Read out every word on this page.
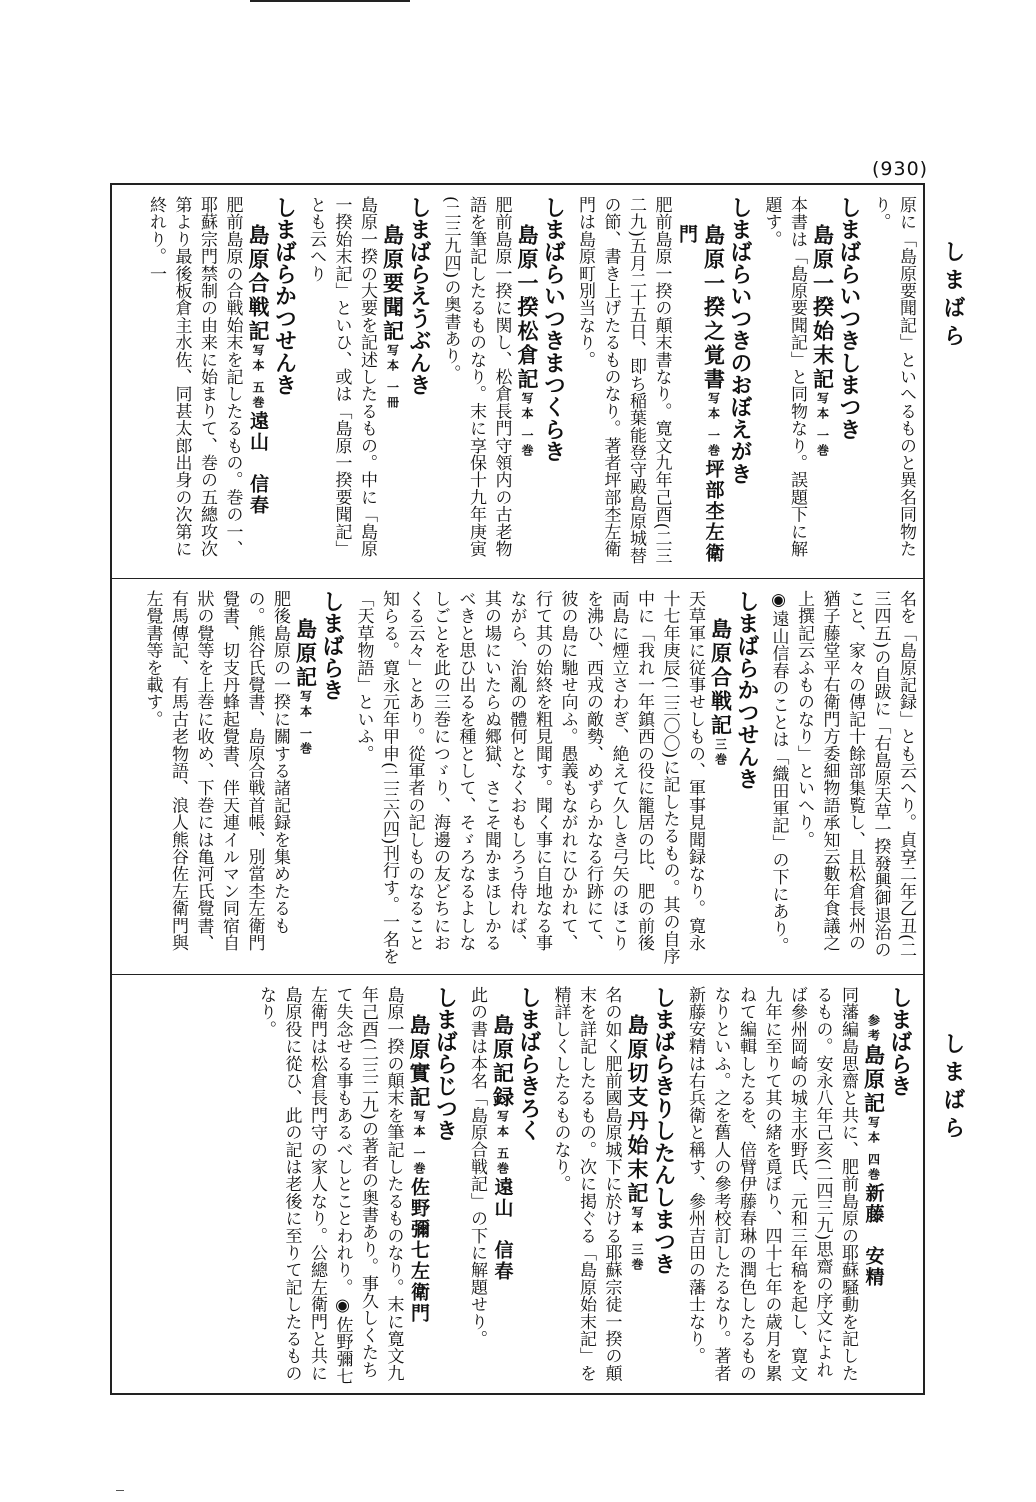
(930)
しまばら
しまばら

原に「島原要聞記」といへるものと異名同物たり。

しまばらいつきしまつき

島原一揆始末記写本 一巻

本書は「島原要聞記」と同物なり。誤題下に解題す。

しまばらいつきのおぼえがき

島原一揆之覚書写本 一巻坪部杢左衛門

肥前島原一揆の顛末書なり。寛文九年己酉(二三二九)五月二十五日、即ち稲葉能登守殿島原城替の節、書き上げたるものなり。著者坪部杢左衛門は島原町別当なり。

しまばらいつきまつくらき

島原一揆松倉記写本 一巻

肥前島原一揆に関し、松倉長門守領内の古老物語を筆記したるものなり。末に享保十九年庚寅(二三九四)の奥書あり。

しまばらえうぶんき

島原要聞記写本 一冊

島原一揆の大要を記述したるもの。中に「島原一揆始末記」といひ、或は「島原一揆要聞記」とも云へり

しまばらかつせんき

島原合戦記写本 五巻遠山　信春

肥前島原の合戦始末を記したるもの。巻の一、耶蘇宗門禁制の由来に始まりて、巻の五總攻次第より最後板倉主水佐、同甚太郎出身の次第に終れり。一

名を「島原記録」とも云へり。貞享二年乙丑(二三四五)の自跋に「右島原天草一揆發興御退治のこと、家々の傳記十餘部集覧し、且松倉長州の猶子藤堂平右衛門方委細物語承知云數年食議之上撰記云ふものなり」といへり。

◉遠山信春のことは「織田軍記」の下にあり。

しまばらかつせんき

島原合戦記三巻

天草軍に従事せしもの、軍事見聞録なり。寛永十七年庚辰(二三〇〇)に記したるもの。其の自序中に「我れ一年鎮西の役に籠居の比、肥の前後両島に煙立さわぎ、絶えて久しき弓矢のほこりを沸ひ、西戎の敵勢、めずらかなる行跡にて、彼の島に馳せ向ふ。愚義もながれにひかれて、行て其の始終を粗見聞す。聞く事に自地なる事ながら、治亂の體何となくおもしろう侍れば、其の場にいたらぬ郷獄、さこそ聞かまほしかるべきと思ひ出るを種として、そゞろなるよしなしごとを此の三巻につゞり、海邊の友どちにおくる云々」とあり。從軍者の記しものなること知らる。寛永元年甲申(二三六四)刊行す。一名を「天草物語」といふ。

しまばらき

島原記写本 一巻

肥後島原の一揆に關する諸記録を集めたるもの。熊谷氏覺書、島原合戦首帳、別當杢左衛門覺書、切支丹蜂起覺書、伴天連イルマン同宿自狀の覺等を上巻に收め、下巻には亀河氏覺書、有馬傳記、有馬古老物語、浪人熊谷佐左衛門與左覺書等を載す。

しまばらき

参考島原記写本 四巻新藤　安精

同藩編島思齋と共に、肥前島原の耶蘇騒動を記したるもの。安永八年己亥(二四三九)思齋の序文によれば參州岡崎の城主水野氏、元和三年稿を起し、寛文九年に至りて其の緒を覓ぼり、四十七年の歳月を累ねて編輯したるを、倍臂伊藤春琳の潤色したるものなりといふ。之を舊人の參考校訂したるなり。著者新藤安精は右兵衛と稱す、參州吉田の藩士なり。

しまばらきりしたんしまつき

島原切支丹始末記写本 三巻

名の如く肥前國島原城下に於ける耶蘇宗徒一揆の顛末を詳記したるもの。次に掲ぐる「島原始末記」を精詳しくしたるものなり。

しまばらきろく

島原記録写本 五巻遠山　信春

此の書は本名「島原合戦記」の下に解題せり。

しまばらじつき

島原實記写本 一巻佐野彌七左衛門

島原一揆の顛末を筆記したるものなり。末に寛文九年己酉(二三二九)の著者の奥書あり。事久しくたちて失念せる事もあるべしとことわれり。◉佐野彌七左衛門は松倉長門守の家人なり。公總左衛門と共に島原役に從ひ、此の記は老後に至りて記したるものなり。
